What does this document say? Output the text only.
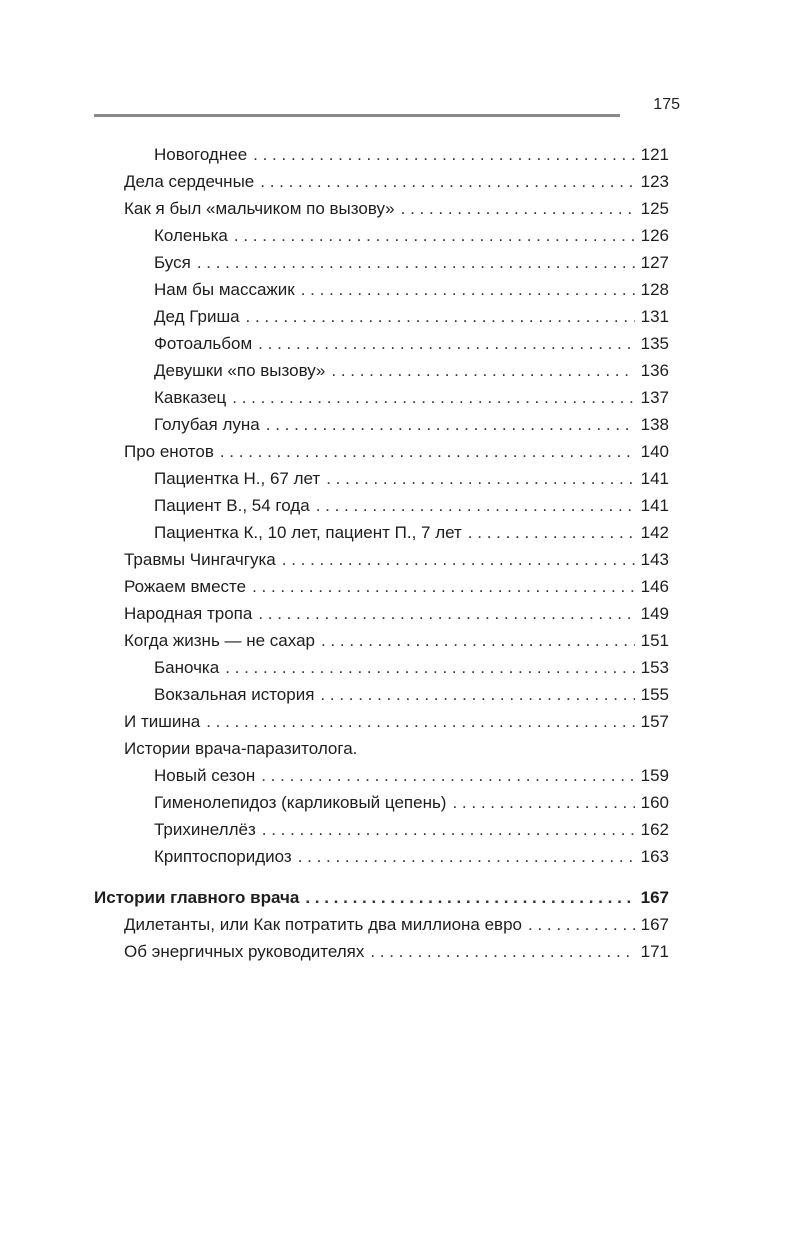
175
Новогоднее . . .	121
Дела сердечные . . .	123
Как я был «мальчиком по вызову» . . .	125
Коленька . . .	126
Буся . . .	127
Нам бы массажик . . .	128
Дед Гриша . . .	131
Фотоальбом . . .	135
Девушки «по вызову» . . .	136
Кавказец . . .	137
Голубая луна . . .	138
Про енотов . . .	140
Пациентка Н., 67 лет . . .	141
Пациент В., 54 года . . .	141
Пациентка К., 10 лет, пациент П., 7 лет . . .	142
Травмы Чингачгука . . .	143
Рожаем вместе . . .	146
Народная тропа . . .	149
Когда жизнь — не сахар . . .	151
Баночка . . .	153
Вокзальная история . . .	155
И тишина . . .	157
Истории врача-паразитолога.
Новый сезон . . .	159
Гименолепидоз (карликовый цепень) . . .	160
Трихинеллёз . . .	162
Криптоспоридиоз . . .	163
Истории главного врача . . .	167
Дилетанты, или Как потратить два миллиона евро . . .	167
Об энергичных руководителях . . .	171
